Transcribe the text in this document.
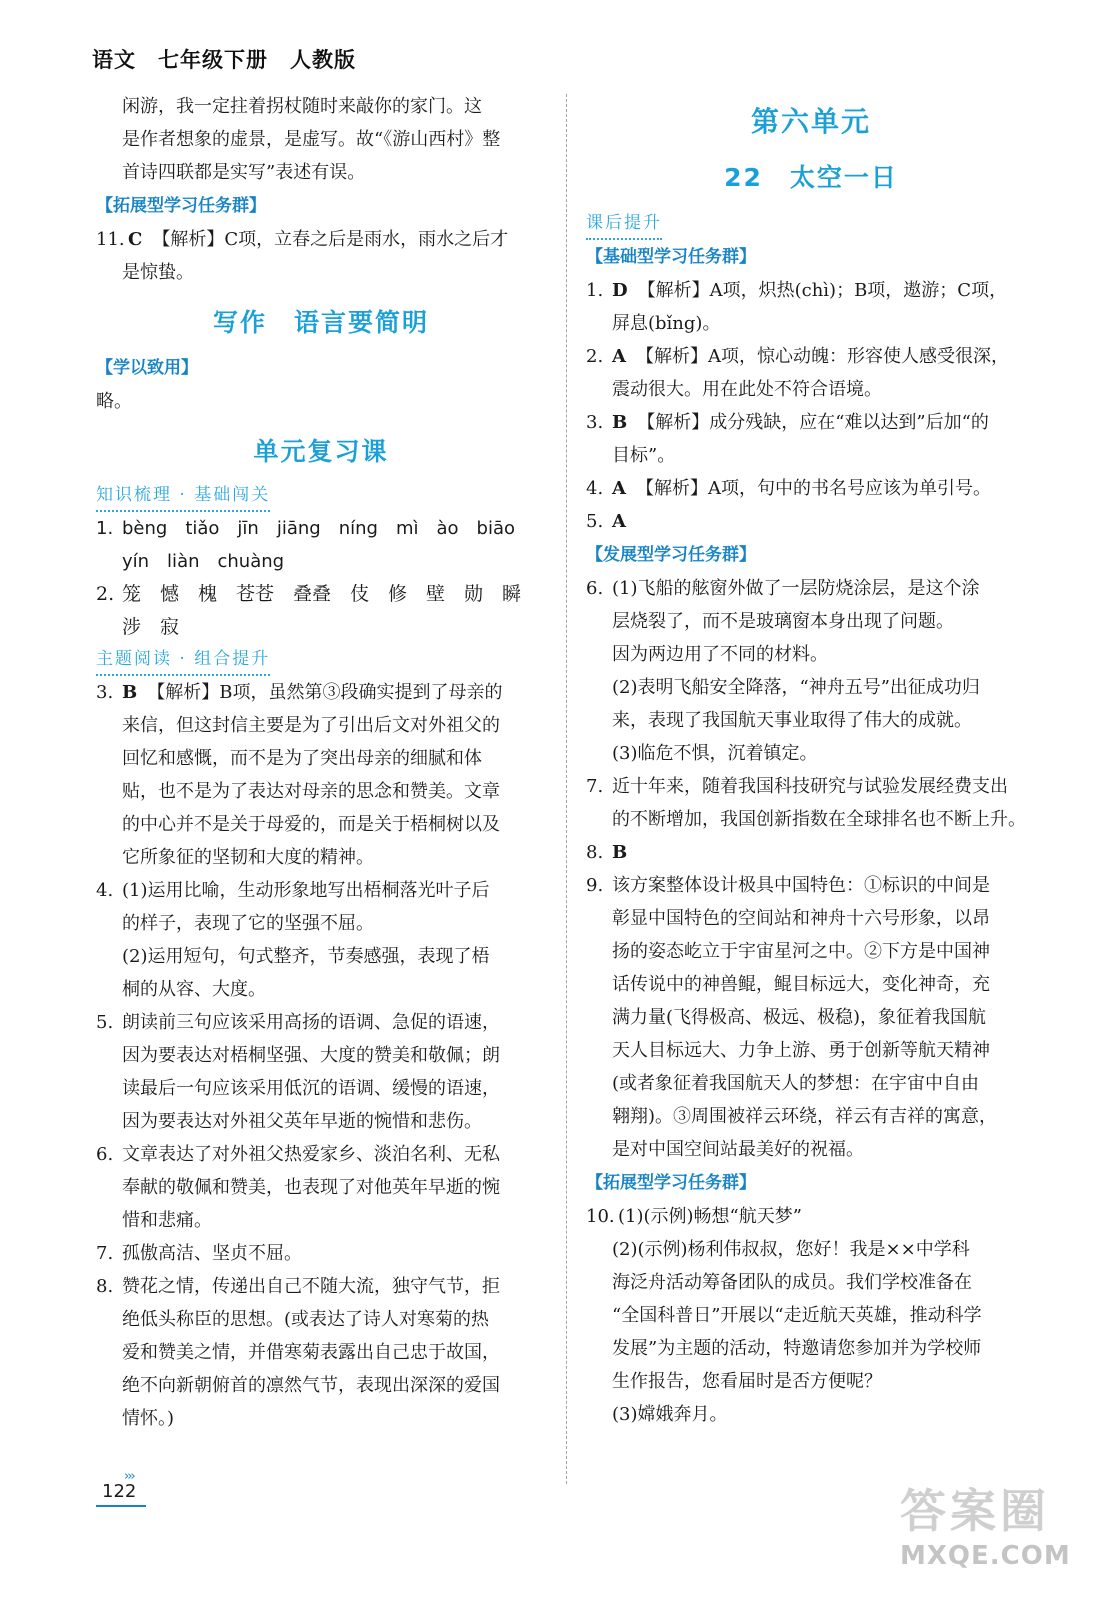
语文　七年级下册　人教版
闲游，我一定拄着拐杖随时来敲你的家门。这
是作者想象的虚景，是虚写。故“《游山西村》整
首诗四联都是实写”表述有误。
【拓展型学习任务群】
11. C 【解析】C项，立春之后是雨水，雨水之后才
是惊蛰。
写作　语言要简明
【学以致用】
略。
单元复习课
知识梳理 · 基础闯关
1. bèng　tiǎo　jīn　jiāng　níng　mì　ào　biāo
yín　liàn　chuàng
2. 笼　憾　槐　苍苍　叠叠　伎　修　壁　勋　瞬
涉　寂
主题阅读 · 组合提升
3. B 【解析】B项，虽然第③段确实提到了母亲的
来信，但这封信主要是为了引出后文对外祖父的
回忆和感慨，而不是为了突出母亲的细腻和体
贴，也不是为了表达对母亲的思念和赞美。文章
的中心并不是关于母爱的，而是关于梧桐树以及
它所象征的坚韧和大度的精神。
4. (1)运用比喻，生动形象地写出梧桐落光叶子后
的样子，表现了它的坚强不屈。
(2)运用短句，句式整齐，节奏感强，表现了梧
桐的从容、大度。
5. 朗读前三句应该采用高扬的语调、急促的语速，
因为要表达对梧桐坚强、大度的赞美和敬佩；朗
读最后一句应该采用低沉的语调、缓慢的语速，
因为要表达对外祖父英年早逝的惋惜和悲伤。
6. 文章表达了对外祖父热爱家乡、淡泊名利、无私
奉献的敬佩和赞美，也表现了对他英年早逝的惋
惜和悲痛。
7. 孤傲高洁、坚贞不屈。
8. 赞花之情，传递出自己不随大流，独守气节，拒
绝低头称臣的思想。(或表达了诗人对寒菊的热
爱和赞美之情，并借寒菊表露出自己忠于故国，
绝不向新朝俯首的凛然气节，表现出深深的爱国
情怀。)
第六单元
22　太空一日
课后提升
【基础型学习任务群】
1. D 【解析】A项，炽热(chì)；B项，遨游；C项，
屏息(bǐng)。
2. A 【解析】A项，惊心动魄：形容使人感受很深，
震动很大。用在此处不符合语境。
3. B 【解析】成分残缺，应在“难以达到”后加“的
目标”。
4. A 【解析】A项，句中的书名号应该为单引号。
5. A
【发展型学习任务群】
6. (1)飞船的舷窗外做了一层防烧涂层，是这个涂
层烧裂了，而不是玻璃窗本身出现了问题。
因为两边用了不同的材料。
(2)表明飞船安全降落，“神舟五号”出征成功归
来，表现了我国航天事业取得了伟大的成就。
(3)临危不惧，沉着镇定。
7. 近十年来，随着我国科技研究与试验发展经费支出
的不断增加，我国创新指数在全球排名也不断上升。
8. B
9. 该方案整体设计极具中国特色：①标识的中间是
彰显中国特色的空间站和神舟十六号形象，以昂
扬的姿态屹立于宇宙星河之中。②下方是中国神
话传说中的神兽鲲，鲲目标远大，变化神奇，充
满力量(飞得极高、极远、极稳)，象征着我国航
天人目标远大、力争上游、勇于创新等航天精神
(或者象征着我国航天人的梦想：在宇宙中自由
翱翔)。③周围被祥云环绕，祥云有吉祥的寓意，
是对中国空间站最美好的祝福。
【拓展型学习任务群】
10. (1)(示例)畅想“航天梦”
(2)(示例)杨利伟叔叔，您好！我是××中学科
海泛舟活动筹备团队的成员。我们学校准备在
“全国科普日”开展以“走近航天英雄，推动科学
发展”为主题的活动，特邀请您参加并为学校师
生作报告，您看届时是否方便呢？
(3)嫦娥奔月。
›››
122	答案圈
MXQE.COM
